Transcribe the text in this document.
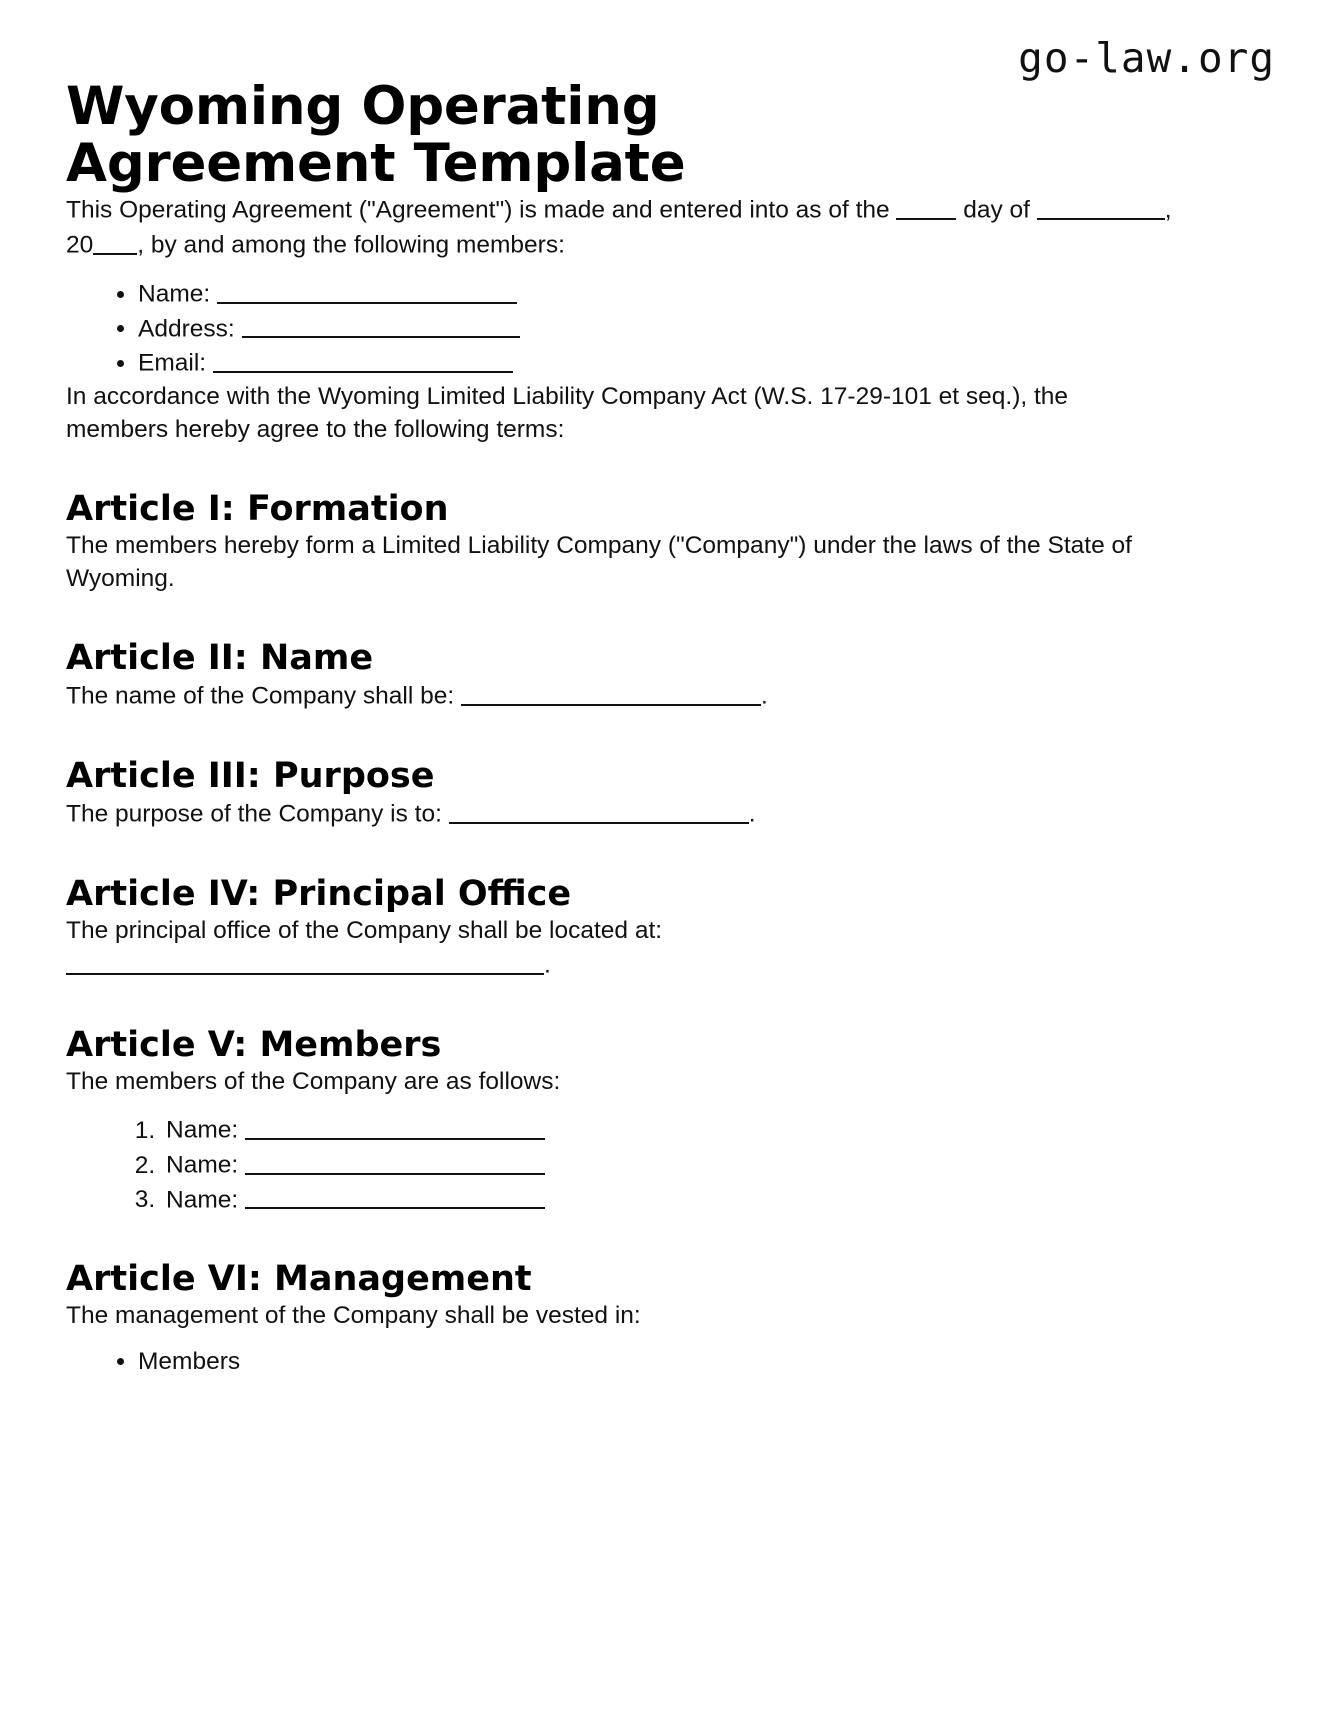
go-law.org
Wyoming Operating Agreement Template

This Operating Agreement ("Agreement") is made and entered into as of the  day of	, 20 , by and among the following members:

• Name:
• Address:
• Email:

In accordance with the Wyoming Limited Liability Company Act (W.S. 17-29-101 et seq.), the members hereby agree to the following terms:

Article I: Formation

The members hereby form a Limited Liability Company ("Company") under the laws of the State of Wyoming.

Article II: Name

The name of the Company shall be:	.

Article III: Purpose

The purpose of the Company is to:	.

Article IV: Principal Office

The principal office of the Company shall be located at:

.

Article V: Members

The members of the Company are as follows:

1. Name:
2. Name:
3. Name:
Article VI: Management

The management of the Company shall be vested in:

• Members
